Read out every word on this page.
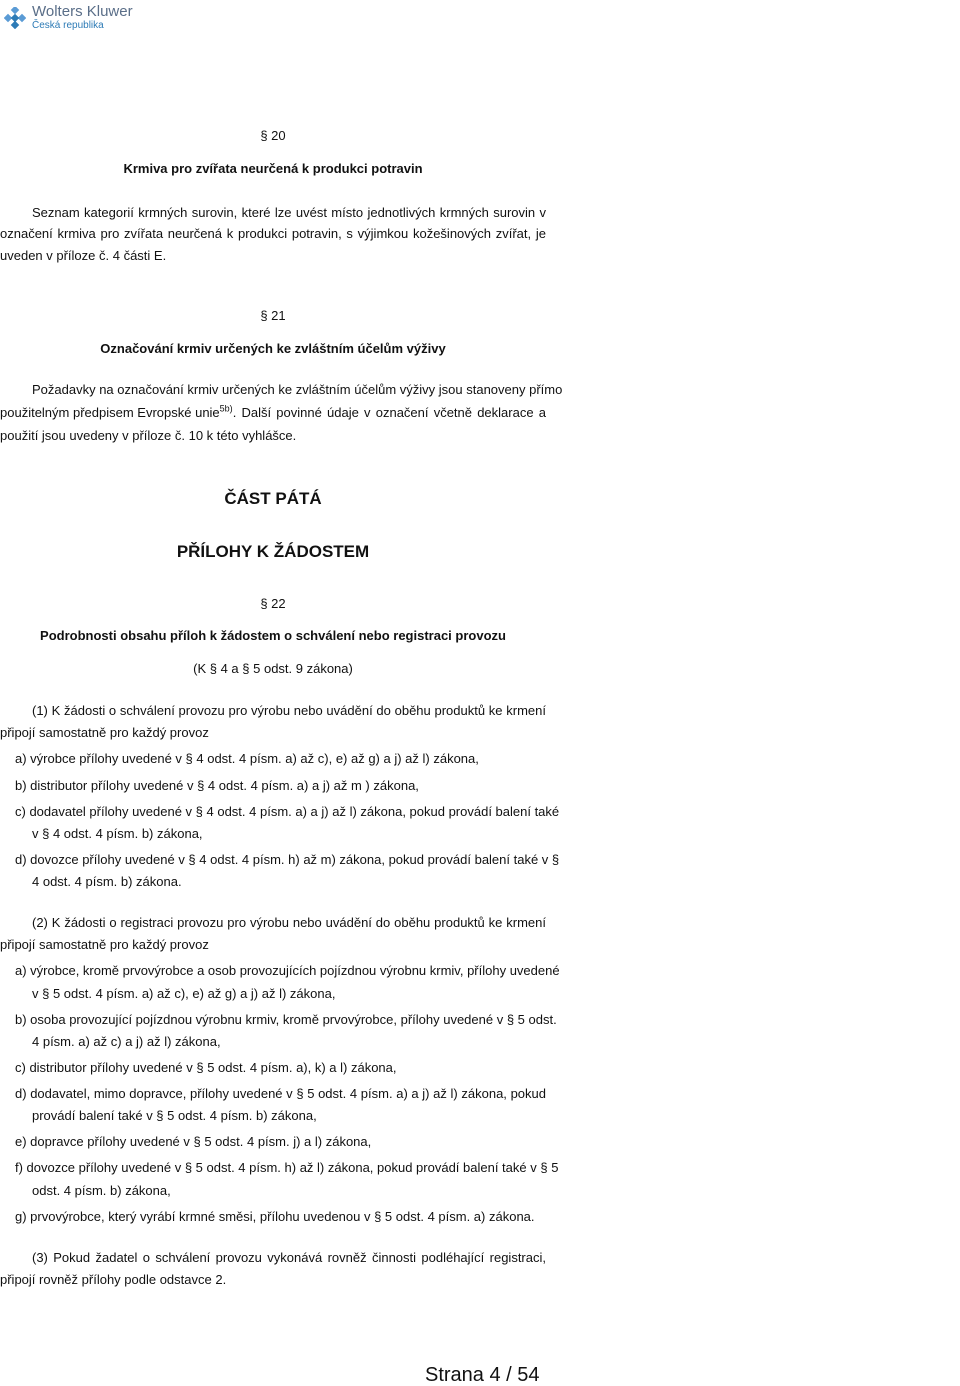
Wolters Kluwer
Česká republika
§ 20
Krmiva pro zvířata neurčená k produkci potravin
Seznam kategorií krmných surovin, které lze uvést místo jednotlivých krmných surovin v
označení krmiva pro zvířata neurčená k produkci potravin, s výjimkou kožešinových zvířat, je
uveden v příloze č. 4 části E.
§ 21
Označování krmiv určených ke zvláštním účelům výživy
Požadavky na označování krmiv určených ke zvláštním účelům výživy jsou stanoveny přímo
použitelným předpisem Evropské unie$^{5b)}$ . Další povinné údaje v označení včetně deklarace a
použití jsou uvedeny v příloze č. 10 k této vyhlášce.
ČÁST PÁTÁ
PŘÍLOHY K ŽÁDOSTEM
§ 22
Podrobnosti obsahu příloh k žádostem o schválení nebo registraci provozu
(K § 4 a § 5 odst. 9 zákona)
(1) K žádosti o schválení provozu pro výrobu nebo uvádění do oběhu produktů ke krmení
připojí samostatně pro každý provoz
a) výrobce přílohy uvedené v § 4 odst. 4 písm. a) až c), e) až g) a j) až l) zákona,
b) distributor přílohy uvedené v § 4 odst. 4 písm. a) a j) až m ) zákona,
c) dodavatel přílohy uvedené v § 4 odst. 4 písm. a) a j) až l) zákona, pokud provádí balení také
v § 4 odst. 4 písm. b) zákona,
d) dovozce přílohy uvedené v § 4 odst. 4 písm. h) až m) zákona, pokud provádí balení také v §
4 odst. 4 písm. b) zákona.
(2) K žádosti o registraci provozu pro výrobu nebo uvádění do oběhu produktů ke krmení
připojí samostatně pro každý provoz
a) výrobce, kromě prvovýrobce a osob provozujících pojízdnou výrobnu krmiv, přílohy uvedené
v § 5 odst. 4 písm. a) až c), e) až g) a j) až l) zákona,
b) osoba provozující pojízdnou výrobnu krmiv, kromě prvovýrobce, přílohy uvedené v § 5 odst.
4 písm. a) až c) a j) až l) zákona,
c) distributor přílohy uvedené v § 5 odst. 4 písm. a), k) a l) zákona,
d) dodavatel, mimo dopravce, přílohy uvedené v § 5 odst. 4 písm. a) a j) až l) zákona, pokud
provádí balení také v § 5 odst. 4 písm. b) zákona,
e) dopravce přílohy uvedené v § 5 odst. 4 písm. j) a l) zákona,
f) dovozce přílohy uvedené v § 5 odst. 4 písm. h) až l) zákona, pokud provádí balení také v § 5
odst. 4 písm. b) zákona,
g) prvovýrobce, který vyrábí krmné směsi, přílohu uvedenou v § 5 odst. 4 písm. a) zákona.
(3) Pokud žadatel o schválení provozu vykonává rovněž činnosti podléhající registraci,
připojí rovněž přílohy podle odstavce 2.
Strana 4 / 54
